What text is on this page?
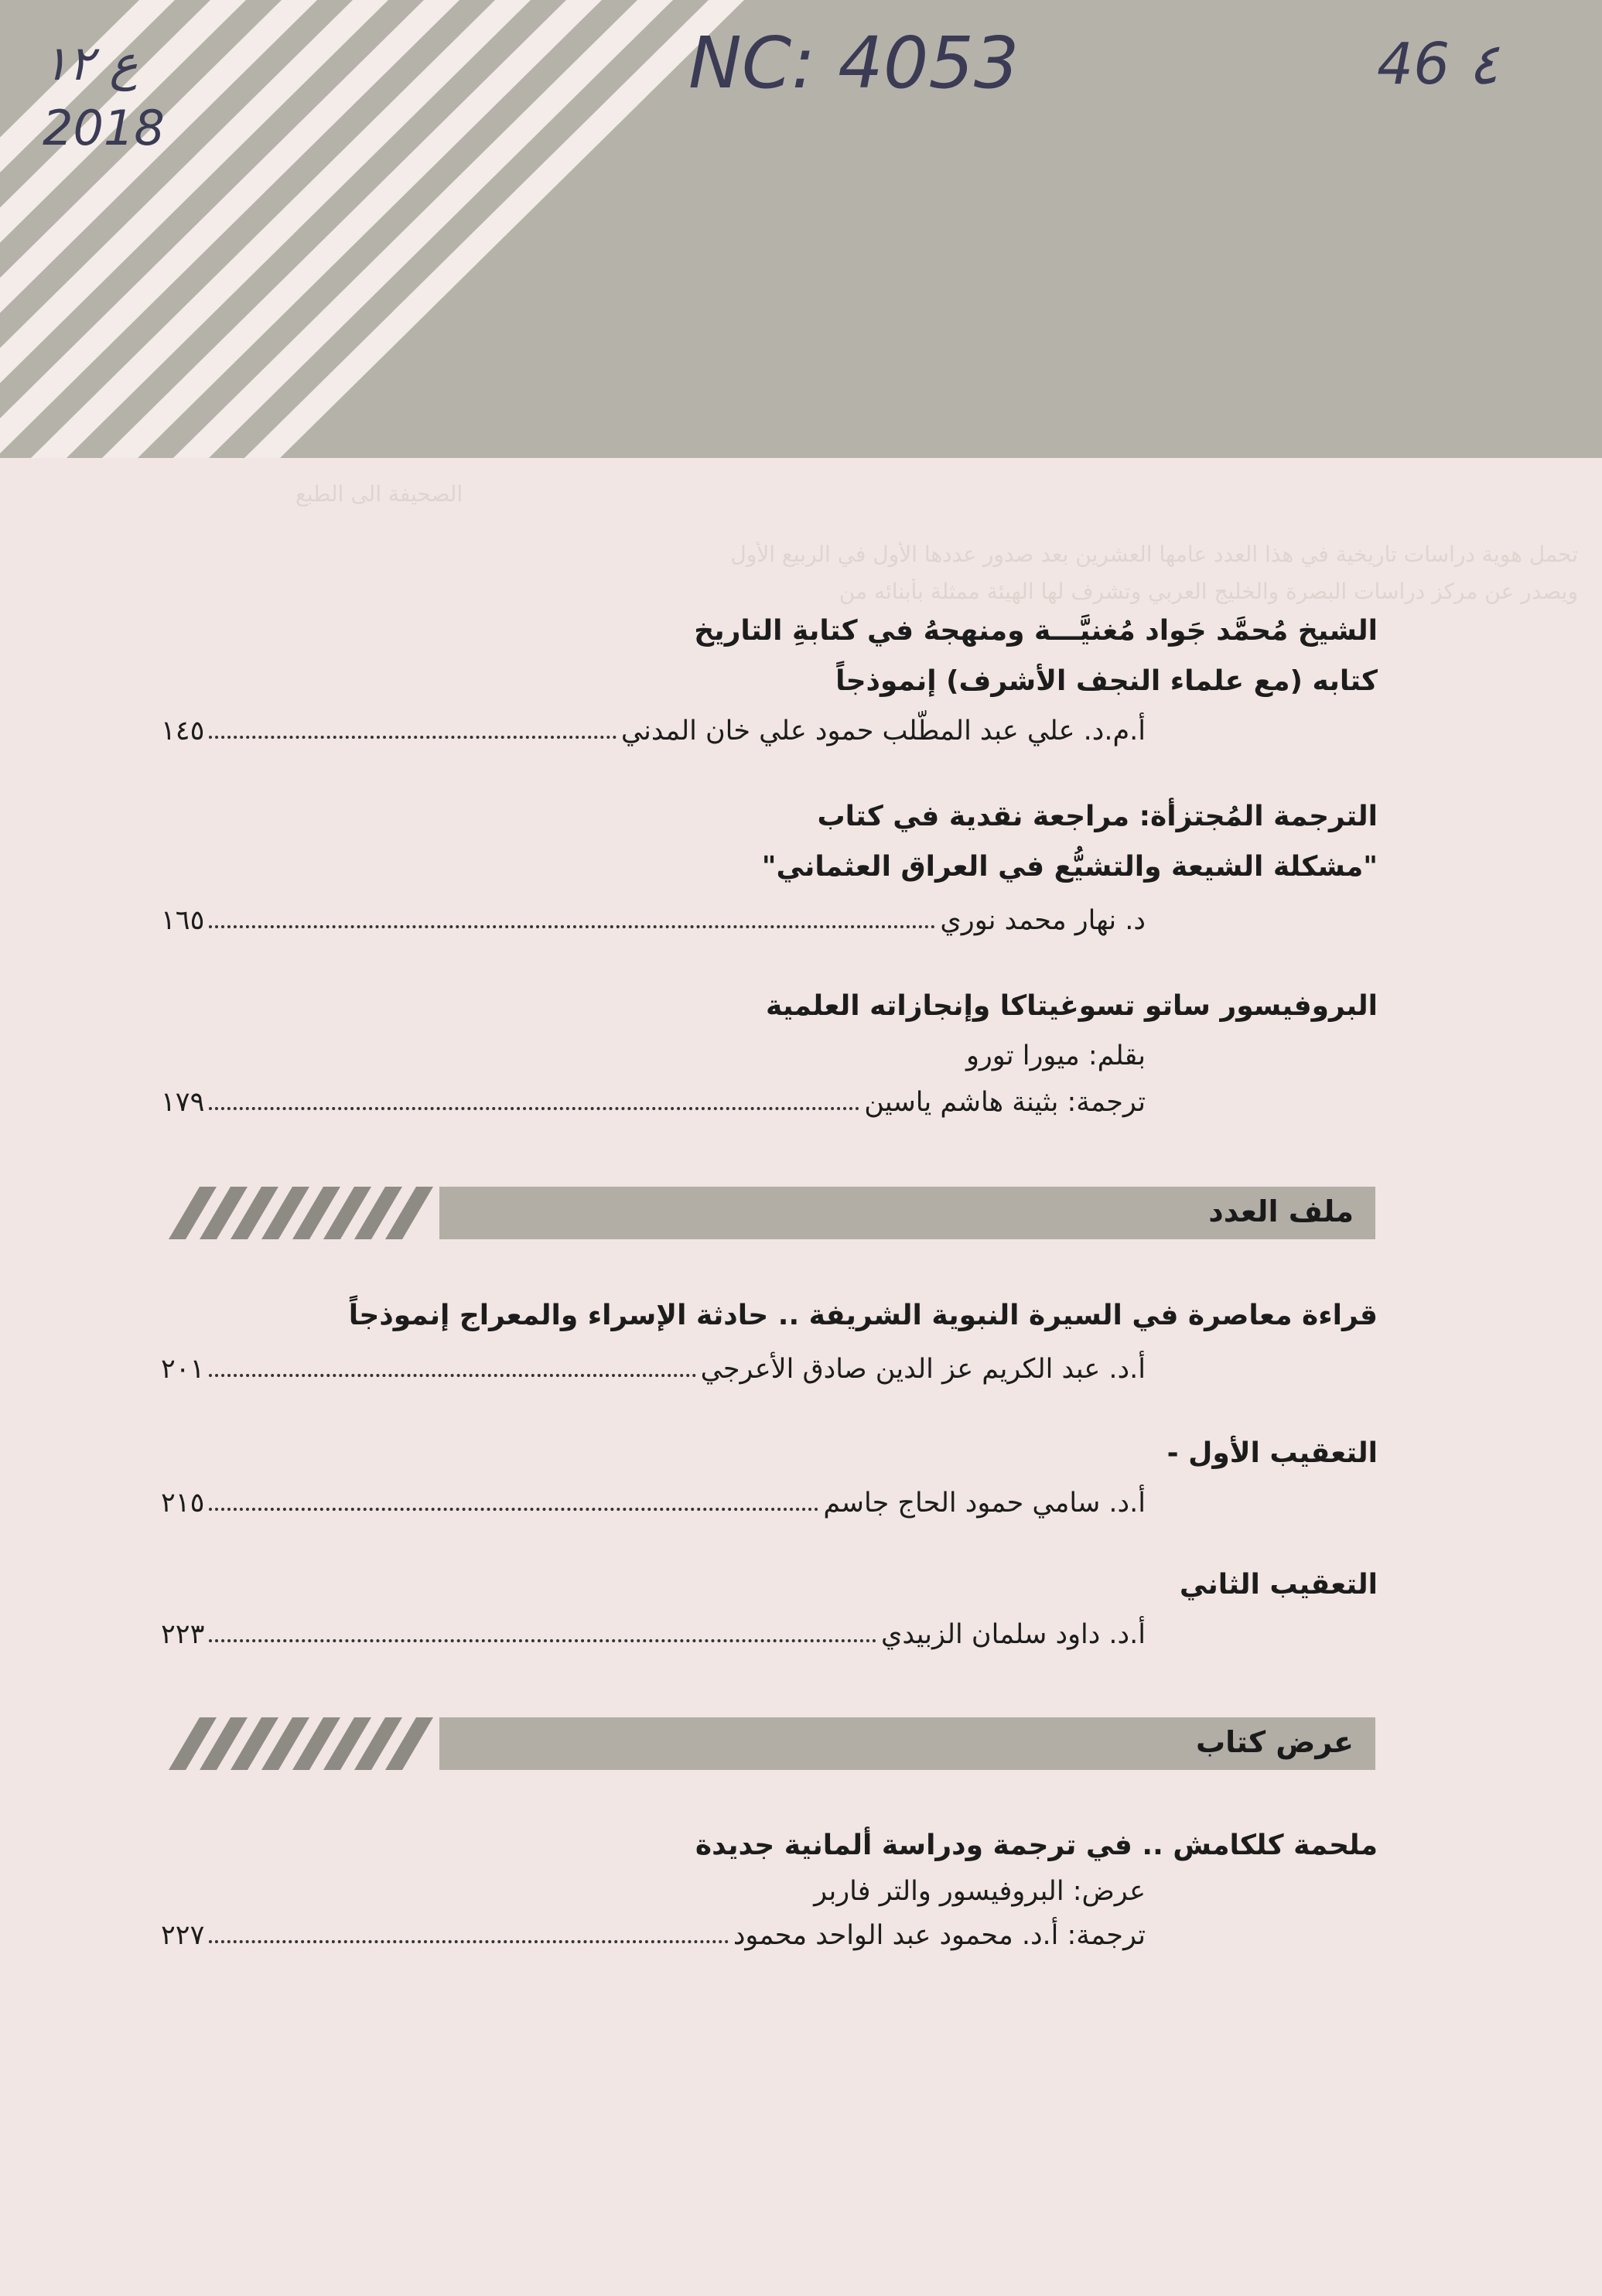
ع ١٢
2018
NC: 4053	46 ٤
الصحيفة الى الطبع
تحمل هوية دراسات تاريخية في هذا العدد عامها العشرين بعد صدور عددها الأول في الربيع الأول
ويصدر عن مركز دراسات البصرة والخليج العربي وتشرف لها الهيئة ممثلة بأبنائه من
الشيخ مُحمَّد جَواد مُغنيَّـــة ومنهجهُ في كتابةِ التاريخ
كتابه (مع علماء النجف الأشرف) إنموذجاً
أ.م.د. علي عبد المطّلب حمود علي خان المدني
١٤٥
الترجمة المُجتزأة: مراجعة نقدية في كتاب
"مشكلة الشيعة والتشيُّع في العراق العثماني"
د. نهار محمد نوري
١٦٥
البروفيسور ساتو تسوغيتاكا وإنجازاته العلمية
بقلم: ميورا تورو
ترجمة: بثينة هاشم ياسين
١٧٩
ملف العدد
قراءة معاصرة في السيرة النبوية الشريفة .. حادثة الإسراء والمعراج إنموذجاً
أ.د. عبد الكريم عز الدين صادق الأعرجي
٢٠١
التعقيب الأول -
أ.د. سامي حمود الحاج جاسم
٢١٥
التعقيب الثاني
أ.د. داود سلمان الزبيدي
٢٢٣
عرض كتاب
ملحمة كلكامش .. في ترجمة ودراسة ألمانية جديدة
عرض: البروفيسور والتر فاربر
ترجمة: أ.د. محمود عبد الواحد محمود
٢٢٧
